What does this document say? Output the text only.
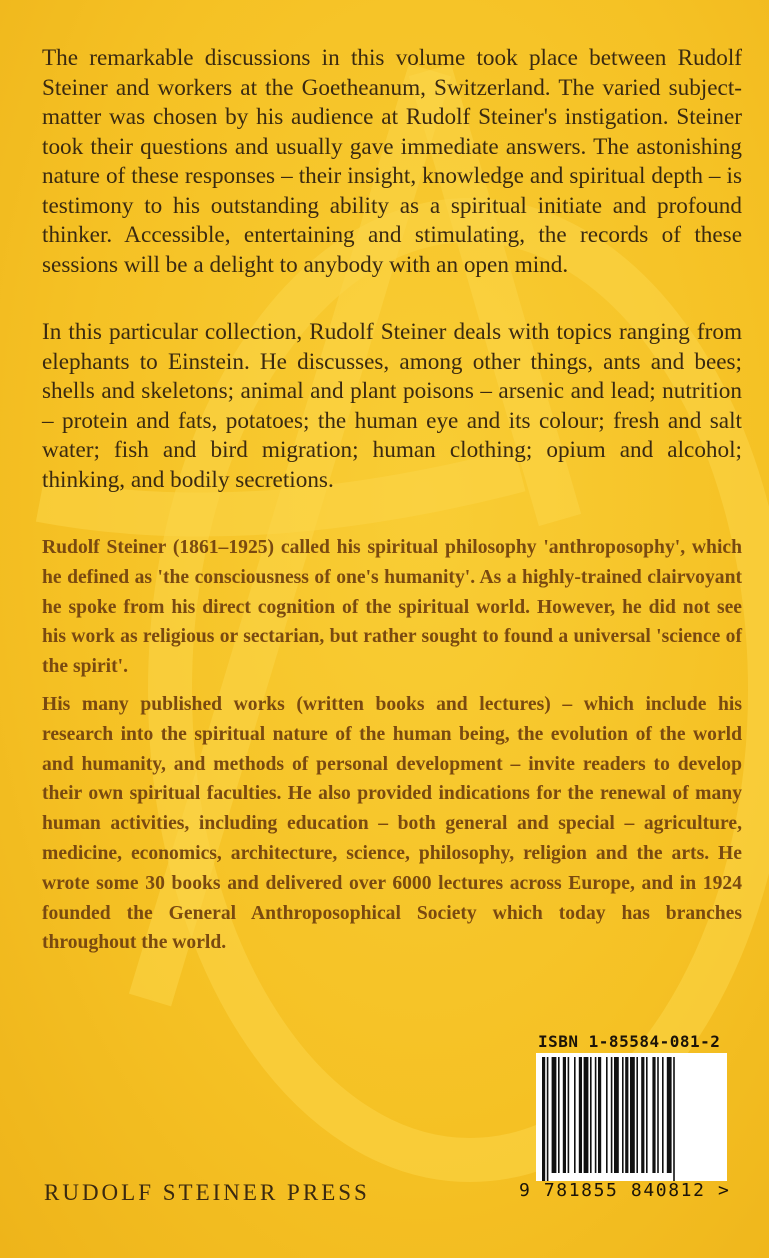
The remarkable discussions in this volume took place between Rudolf Steiner and workers at the Goetheanum, Switzerland. The varied subject-matter was chosen by his audience at Rudolf Steiner's instigation. Steiner took their questions and usually gave immediate answers. The astonishing nature of these responses – their insight, knowledge and spiritual depth – is testimony to his outstanding ability as a spiritual initiate and profound thinker. Accessible, entertaining and stimulating, the records of these sessions will be a delight to anybody with an open mind.

In this particular collection, Rudolf Steiner deals with topics ranging from elephants to Einstein. He discusses, among other things, ants and bees; shells and skeletons; animal and plant poisons – arsenic and lead; nutrition – protein and fats, potatoes; the human eye and its colour; fresh and salt water; fish and bird migration; human clothing; opium and alcohol; thinking, and bodily secretions.

Rudolf Steiner (1861–1925) called his spiritual philosophy 'anthroposophy', which he defined as 'the consciousness of one's humanity'. As a highly-trained clairvoyant he spoke from his direct cognition of the spiritual world. However, he did not see his work as religious or sectarian, but rather sought to found a universal 'science of the spirit'.

His many published works (written books and lectures) – which include his research into the spiritual nature of the human being, the evolution of the world and humanity, and methods of personal development – invite readers to develop their own spiritual faculties. He also provided indications for the renewal of many human activities, including education – both general and special – agriculture, medicine, economics, architecture, science, philosophy, religion and the arts. He wrote some 30 books and delivered over 6000 lectures across Europe, and in 1924 founded the General Anthroposophical Society which today has branches throughout the world.

ISBN 1-85584-081-2
9 781855 840812 >
RUDOLF STEINER PRESS
